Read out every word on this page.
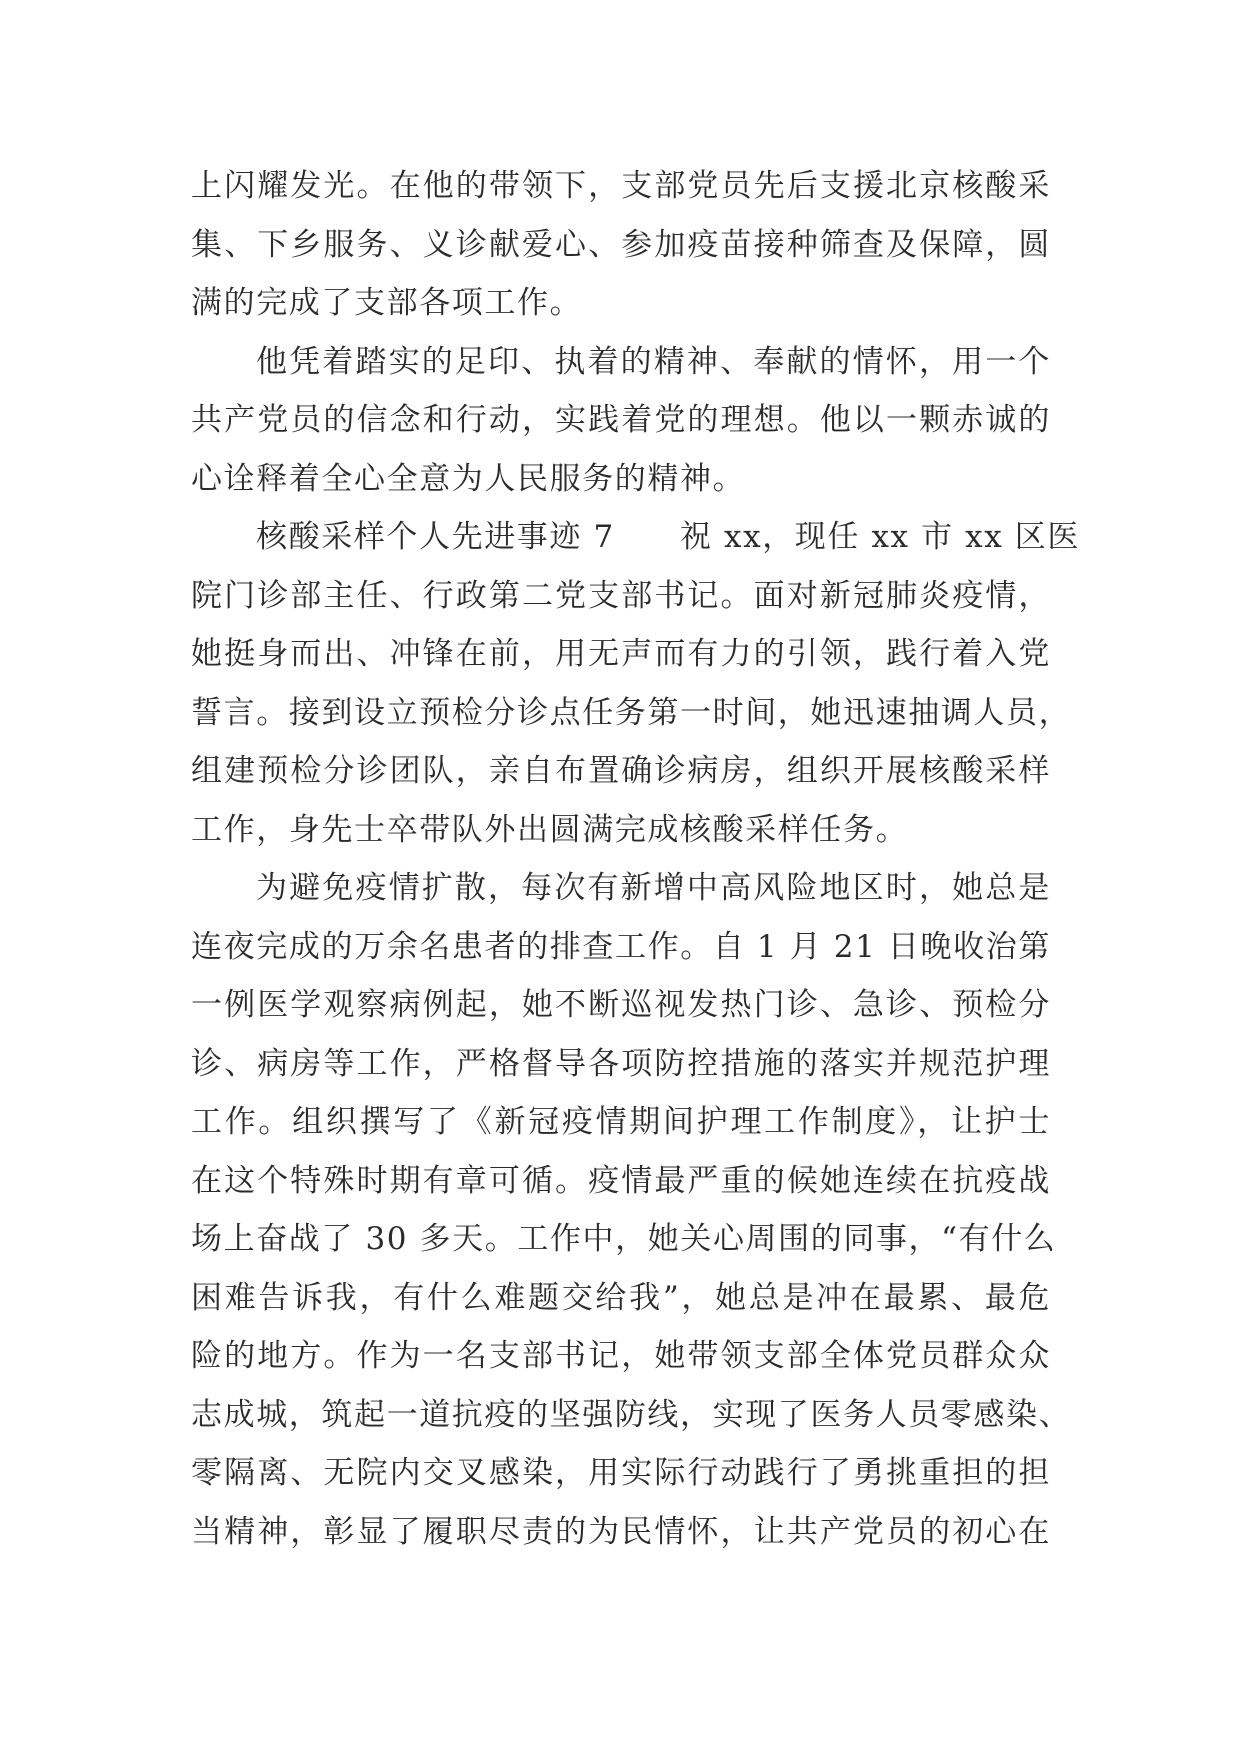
上闪耀发光。在他的带领下，支部党员先后支援北京核酸采
集、下乡服务、义诊献爱心、参加疫苗接种筛查及保障，圆
满的完成了支部各项工作。
他凭着踏实的足印、执着的精神、奉献的情怀，用一个
共产党员的信念和行动，实践着党的理想。他以一颗赤诚的
心诠释着全心全意为人民服务的精神。
核酸采样个人先进事迹 7　　祝 xx，现任 xx 市 xx 区医
院门诊部主任、行政第二党支部书记。面对新冠肺炎疫情，
她挺身而出、冲锋在前，用无声而有力的引领，践行着入党
誓言。接到设立预检分诊点任务第一时间，她迅速抽调人员，
组建预检分诊团队，亲自布置确诊病房，组织开展核酸采样
工作，身先士卒带队外出圆满完成核酸采样任务。
为避免疫情扩散，每次有新增中高风险地区时，她总是
连夜完成的万余名患者的排查工作。自 1 月 21 日晚收治第
一例医学观察病例起，她不断巡视发热门诊、急诊、预检分
诊、病房等工作，严格督导各项防控措施的落实并规范护理
工作。组织撰写了《新冠疫情期间护理工作制度》，让护士
在这个特殊时期有章可循。疫情最严重的候她连续在抗疫战
场上奋战了 30 多天。工作中，她关心周围的同事，“有什么
困难告诉我，有什么难题交给我”，她总是冲在最累、最危
险的地方。作为一名支部书记，她带领支部全体党员群众众
志成城，筑起一道抗疫的坚强防线，实现了医务人员零感染、
零隔离、无院内交叉感染，用实际行动践行了勇挑重担的担
当精神，彰显了履职尽责的为民情怀，让共产党员的初心在
